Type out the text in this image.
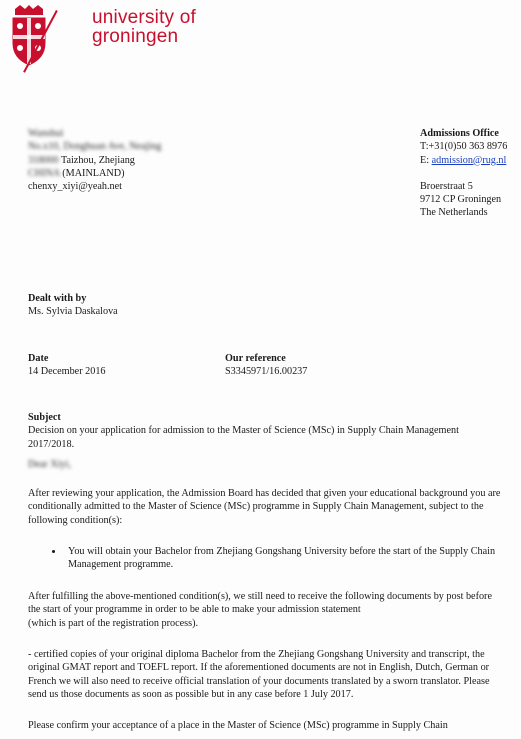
university of
groningen
Wanshui
No.x10, Donghuan Ave, Neajing
318000 Taizhou, Zhejiang
CHINA (MAINLAND)
chenxy_xiyi@yeah.net
Admissions Office
T:+31(0)50 363 8976
E: admission@rug.nl
Broerstraat 5
9712 CP Groningen
The Netherlands
Dealt with by
Ms. Sylvia Daskalova
Date
14 December 2016
Our reference
S3345971/16.00237
Subject
Decision on your application for admission to the Master of Science (MSc) in Supply Chain Management 2017/2018.
Dear Xiyi,
After reviewing your application, the Admission Board has decided that given your educational background you are conditionally admitted to the Master of Science (MSc) programme in Supply Chain Management, subject to the following condition(s):
• You will obtain your Bachelor from Zhejiang Gongshang University before the start of the Supply Chain Management programme.
After fulfilling the above-mentioned condition(s), we still need to receive the following documents by post before the start of your programme in order to be able to make your admission statement
(which is part of the registration process).
- certified copies of your original diploma Bachelor from the Zhejiang Gongshang University and transcript, the original GMAT report and TOEFL report. If the aforementioned documents are not in English, Dutch, German or French we will also need to receive official translation of your documents translated by a sworn translator. Please send us those documents as soon as possible but in any case before 1 July 2017.
Please confirm your acceptance of a place in the Master of Science (MSc) programme in Supply Chain
